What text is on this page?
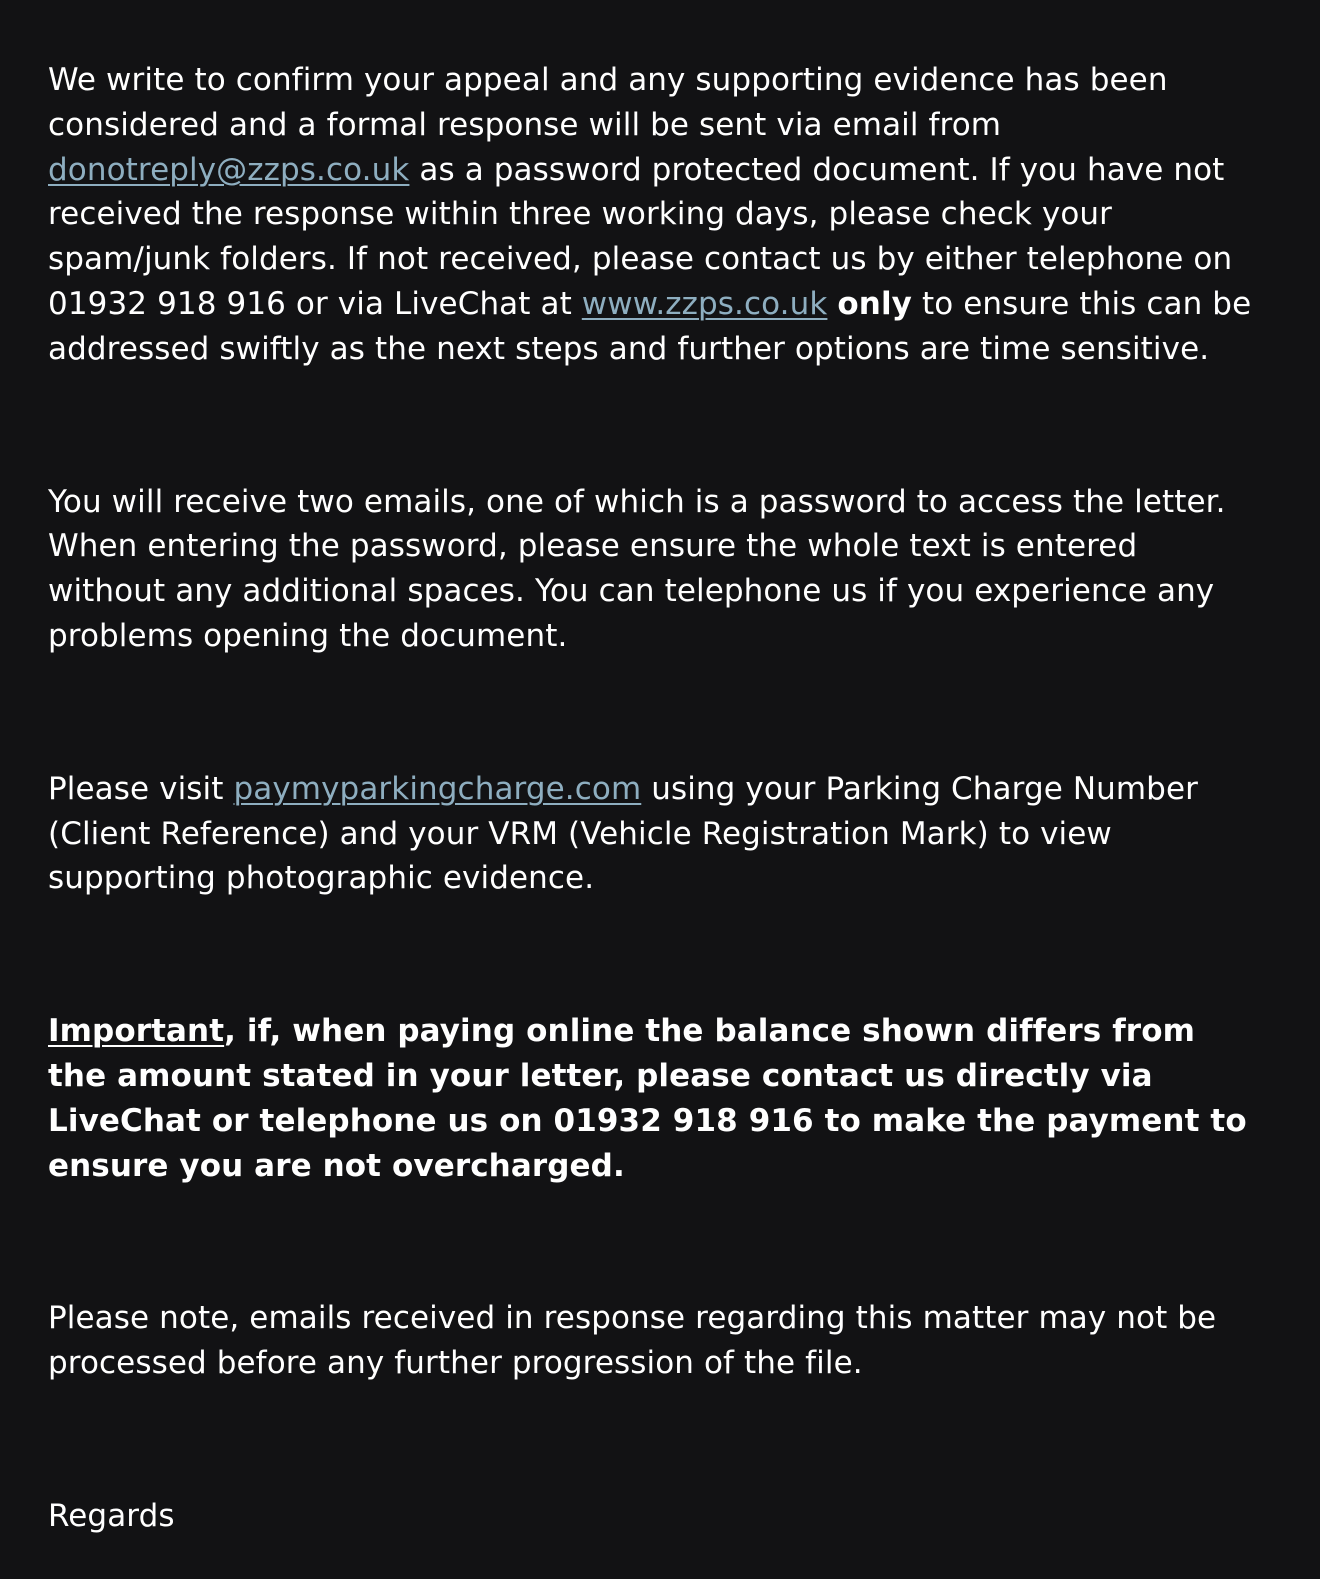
We write to confirm your appeal and any supporting evidence has been considered and a formal response will be sent via email from donotreply@zzps.co.uk as a password protected document. If you have not received the response within three working days, please check your spam/junk folders. If not received, please contact us by either telephone on 01932 918 916 or via LiveChat at www.zzps.co.uk only to ensure this can be addressed swiftly as the next steps and further options are time sensitive.

You will receive two emails, one of which is a password to access the letter. When entering the password, please ensure the whole text is entered without any additional spaces. You can telephone us if you experience any problems opening the document.

Please visit paymyparkingcharge.com using your Parking Charge Number (Client Reference) and your VRM (Vehicle Registration Mark) to view supporting photographic evidence.

Important, if, when paying online the balance shown differs from the amount stated in your letter, please contact us directly via LiveChat or telephone us on 01932 918 916 to make the payment to ensure you are not overcharged.

Please note, emails received in response regarding this matter may not be processed before any further progression of the file.

Regards
